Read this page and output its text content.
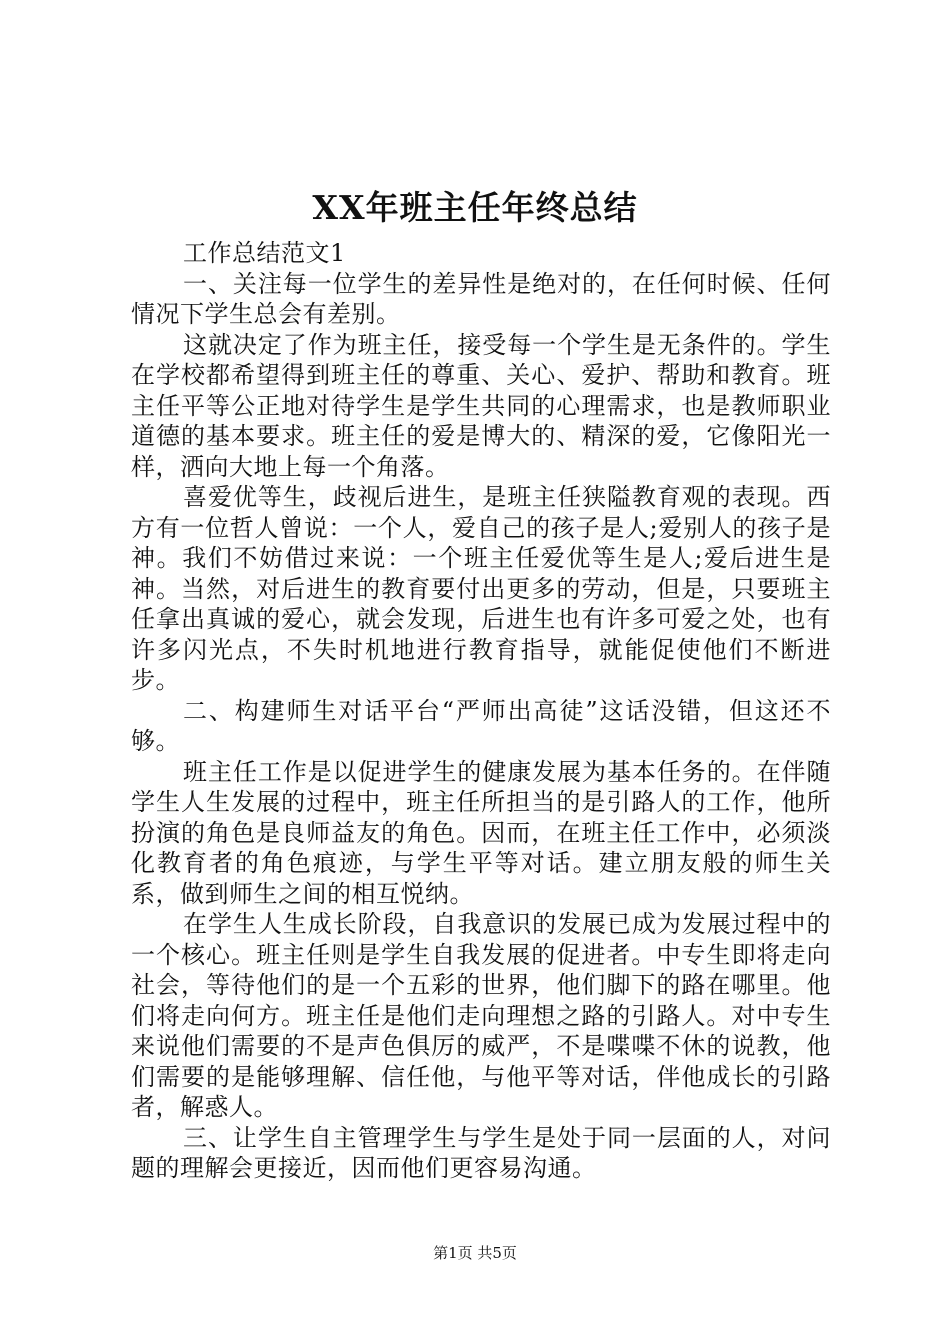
XX年班主任年终总结

工作总结范文1

一、关注每一位学生的差异性是绝对的，在任何时候、任何情况下学生总会有差别。

这就决定了作为班主任，接受每一个学生是无条件的。学生在学校都希望得到班主任的尊重、关心、爱护、帮助和教育。班主任平等公正地对待学生是学生共同的心理需求，也是教师职业道德的基本要求。班主任的爱是博大的、精深的爱，它像阳光一样，洒向大地上每一个角落。

喜爱优等生，歧视后进生，是班主任狭隘教育观的表现。西方有一位哲人曾说：一个人，爱自己的孩子是人;爱别人的孩子是神。我们不妨借过来说：一个班主任爱优等生是人;爱后进生是神。当然，对后进生的教育要付出更多的劳动，但是，只要班主任拿出真诚的爱心，就会发现，后进生也有许多可爱之处，也有许多闪光点，不失时机地进行教育指导，就能促使他们不断进步。

二、构建师生对话平台“严师出高徒”这话没错，但这还不够。

班主任工作是以促进学生的健康发展为基本任务的。在伴随学生人生发展的过程中，班主任所担当的是引路人的工作，他所扮演的角色是良师益友的角色。因而，在班主任工作中，必须淡化教育者的角色痕迹，与学生平等对话。建立朋友般的师生关系，做到师生之间的相互悦纳。

在学生人生成长阶段，自我意识的发展已成为发展过程中的一个核心。班主任则是学生自我发展的促进者。中专生即将走向社会，等待他们的是一个五彩的世界，他们脚下的路在哪里。他们将走向何方。班主任是他们走向理想之路的引路人。对中专生来说他们需要的不是声色俱厉的威严，不是喋喋不休的说教，他们需要的是能够理解、信任他，与他平等对话，伴他成长的引路者，解惑人。

三、让学生自主管理学生与学生是处于同一层面的人，对问题的理解会更接近，因而他们更容易沟通。

第1页 共5页
